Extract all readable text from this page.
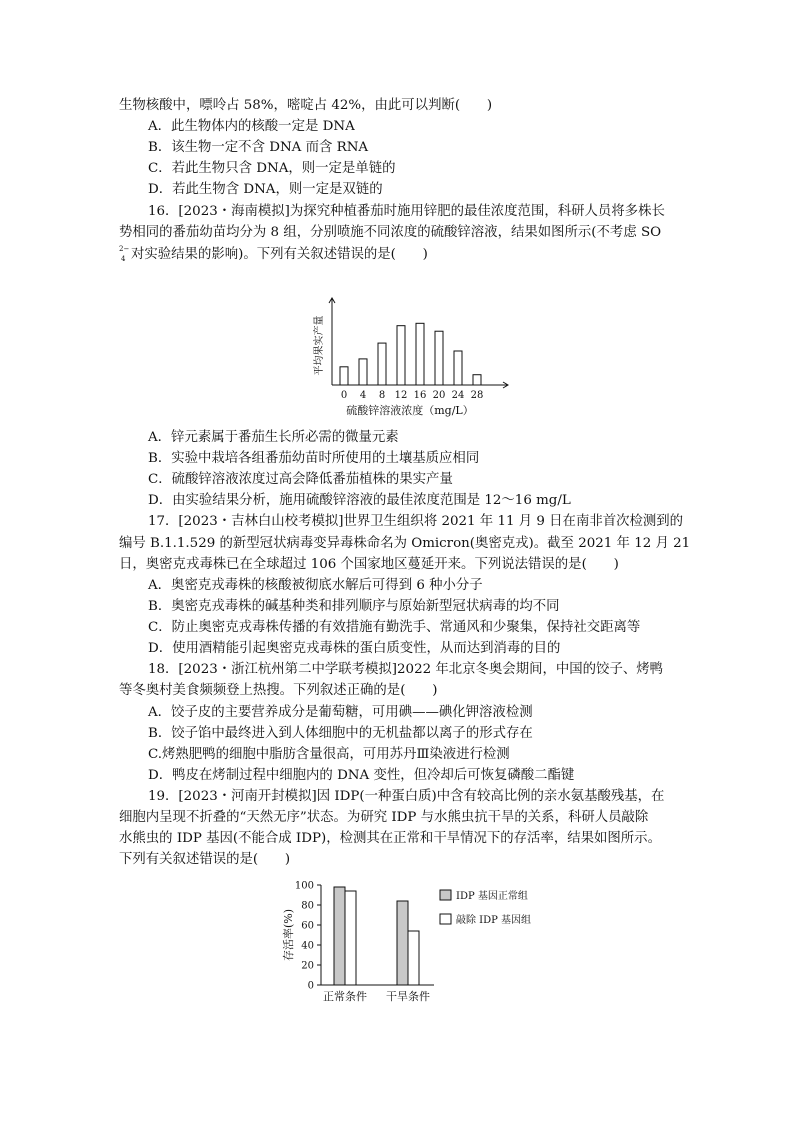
生物核酸中，嘌呤占 58%，嘧啶占 42%，由此可以判断(　　)
A．此生物体内的核酸一定是 DNA
B．该生物一定不含 DNA 而含 RNA
C．若此生物只含 DNA，则一定是单链的
D．若此生物含 DNA，则一定是双链的
16．[2023・海南模拟]为探究种植番茄时施用锌肥的最佳浓度范围，科研人员将多株长
势相同的番茄幼苗均分为 8 组，分别喷施不同浓度的硫酸锌溶液，结果如图所示(不考虑 SO
2−
4 对实验结果的影响)。下列有关叙述错误的是(　　)
0 4 8 12 16 20 24 28
平均果实产量
硫酸锌溶液浓度（mg/L）
A．锌元素属于番茄生长所必需的微量元素
B．实验中栽培各组番茄幼苗时所使用的土壤基质应相同
C．硫酸锌溶液浓度过高会降低番茄植株的果实产量
D．由实验结果分析，施用硫酸锌溶液的最佳浓度范围是 12～16 mg/L
17．[2023・吉林白山校考模拟]世界卫生组织将 2021 年 11 月 9 日在南非首次检测到的
编号 B.1.1.529 的新型冠状病毒变异毒株命名为 Omicron(奥密克戎)。截至 2021 年 12 月 21
日，奥密克戎毒株已在全球超过 106 个国家地区蔓延开来。下列说法错误的是(　　)
A．奥密克戎毒株的核酸被彻底水解后可得到 6 种小分子
B．奥密克戎毒株的碱基种类和排列顺序与原始新型冠状病毒的均不同
C．防止奥密克戎毒株传播的有效措施有勤洗手、常通风和少聚集，保持社交距离等
D．使用酒精能引起奥密克戎毒株的蛋白质变性，从而达到消毒的目的
18．[2023・浙江杭州第二中学联考模拟]2022 年北京冬奥会期间，中国的饺子、烤鸭
等冬奥村美食频频登上热搜。下列叙述正确的是(　　)
A．饺子皮的主要营养成分是葡萄糖，可用碘——碘化钾溶液检测
B．饺子馅中最终进入到人体细胞中的无机盐都以离子的形式存在
C.烤熟肥鸭的细胞中脂肪含量很高，可用苏丹Ⅲ染液进行检测
D．鸭皮在烤制过程中细胞内的 DNA 变性，但冷却后可恢复磷酸二酯键
19．[2023・河南开封模拟]因 IDP(一种蛋白质)中含有较高比例的亲水氨基酸残基，在
细胞内呈现不折叠的“天然无序”状态。为研究 IDP 与水熊虫抗干旱的关系，科研人员敲除
水熊虫的 IDP 基因(不能合成 IDP)，检测其在正常和干旱情况下的存活率，结果如图所示。
下列有关叙述错误的是(　　)
0
20
40
60
80
100
存活率(%)
正常条件 干旱条件
IDP 基因正常组
敲除 IDP 基因组
